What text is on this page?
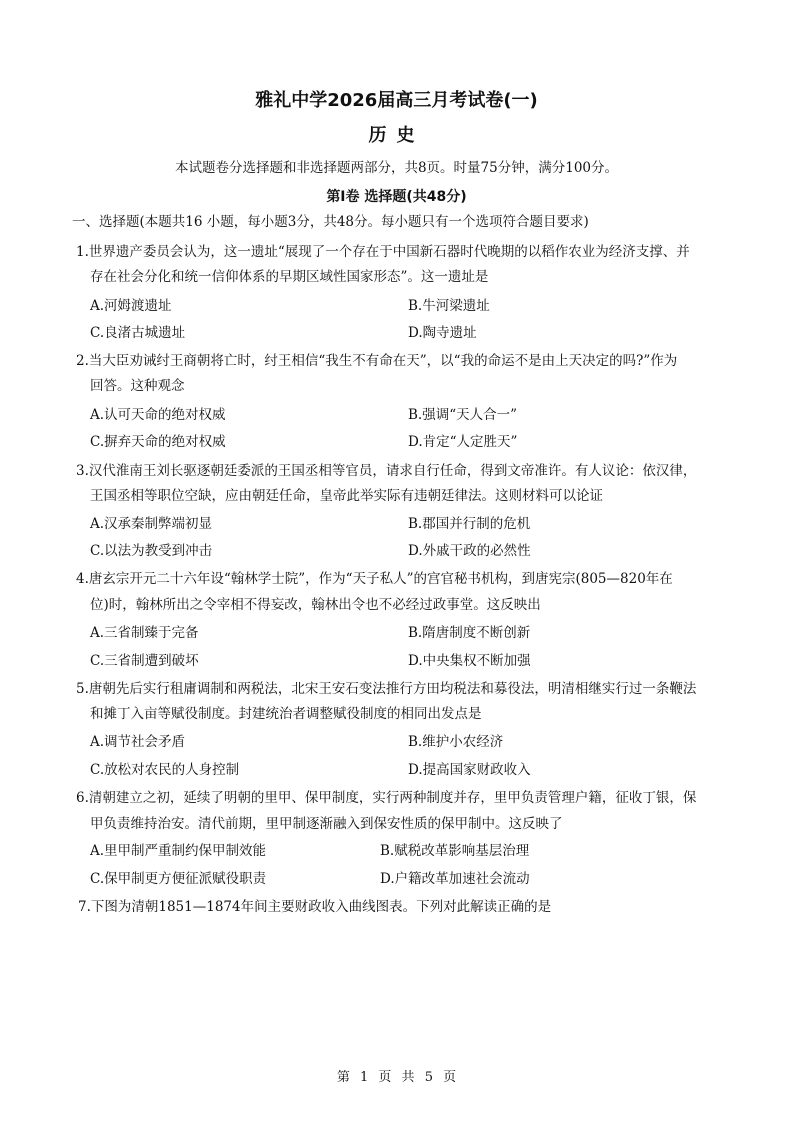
雅礼中学2026届高三月考试卷(一)
历史
本试题卷分选择题和非选择题两部分，共8页。时量75分钟，满分100分。
第Ⅰ卷 选择题(共48分)
一、选择题(本题共16 小题，每小题3分，共48分。每小题只有一个选项符合题目要求)
1.世界遗产委员会认为，这一遗址“展现了一个存在于中国新石器时代晚期的以稻作农业为经济支撑、并
存在社会分化和统一信仰体系的早期区域性国家形态”。这一遗址是
A.河姆渡遗址	B.牛河梁遗址
C.良渚古城遗址	D.陶寺遗址
2.当大臣劝诫纣王商朝将亡时，纣王相信“我生不有命在天”，以“我的命运不是由上天决定的吗?”作为
回答。这种观念
A.认可天命的绝对权威	B.强调“天人合一”
C.摒弃天命的绝对权威	D.肯定“人定胜天”
3.汉代淮南王刘长驱逐朝廷委派的王国丞相等官员，请求自行任命，得到文帝准许。有人议论：依汉律，
王国丞相等职位空缺，应由朝廷任命，皇帝此举实际有违朝廷律法。这则材料可以论证
A.汉承秦制弊端初显	B.郡国并行制的危机
C.以法为教受到冲击	D.外戚干政的必然性
4.唐玄宗开元二十六年设“翰林学士院”，作为“天子私人”的宫官秘书机构，到唐宪宗(805—820年在
位)时，翰林所出之令宰相不得妄改，翰林出令也不必经过政事堂。这反映出
A.三省制臻于完备	B.隋唐制度不断创新
C.三省制遭到破坏	D.中央集权不断加强
5.唐朝先后实行租庸调制和两税法，北宋王安石变法推行方田均税法和募役法，明清相继实行过一条鞭法
和摊丁入亩等赋役制度。封建统治者调整赋役制度的相同出发点是
A.调节社会矛盾	B.维护小农经济
C.放松对农民的人身控制	D.提高国家财政收入
6.清朝建立之初，延续了明朝的里甲、保甲制度，实行两种制度并存，里甲负责管理户籍，征收丁银，保
甲负责维持治安。清代前期，里甲制逐渐融入到保安性质的保甲制中。这反映了
A.里甲制严重制约保甲制效能	B.赋税改革影响基层治理
C.保甲制更方便征派赋役职责	D.户籍改革加速社会流动
7.下图为清朝1851—1874年间主要财政收入曲线图表。下列对此解读正确的是
第 1 页 共 5 页
